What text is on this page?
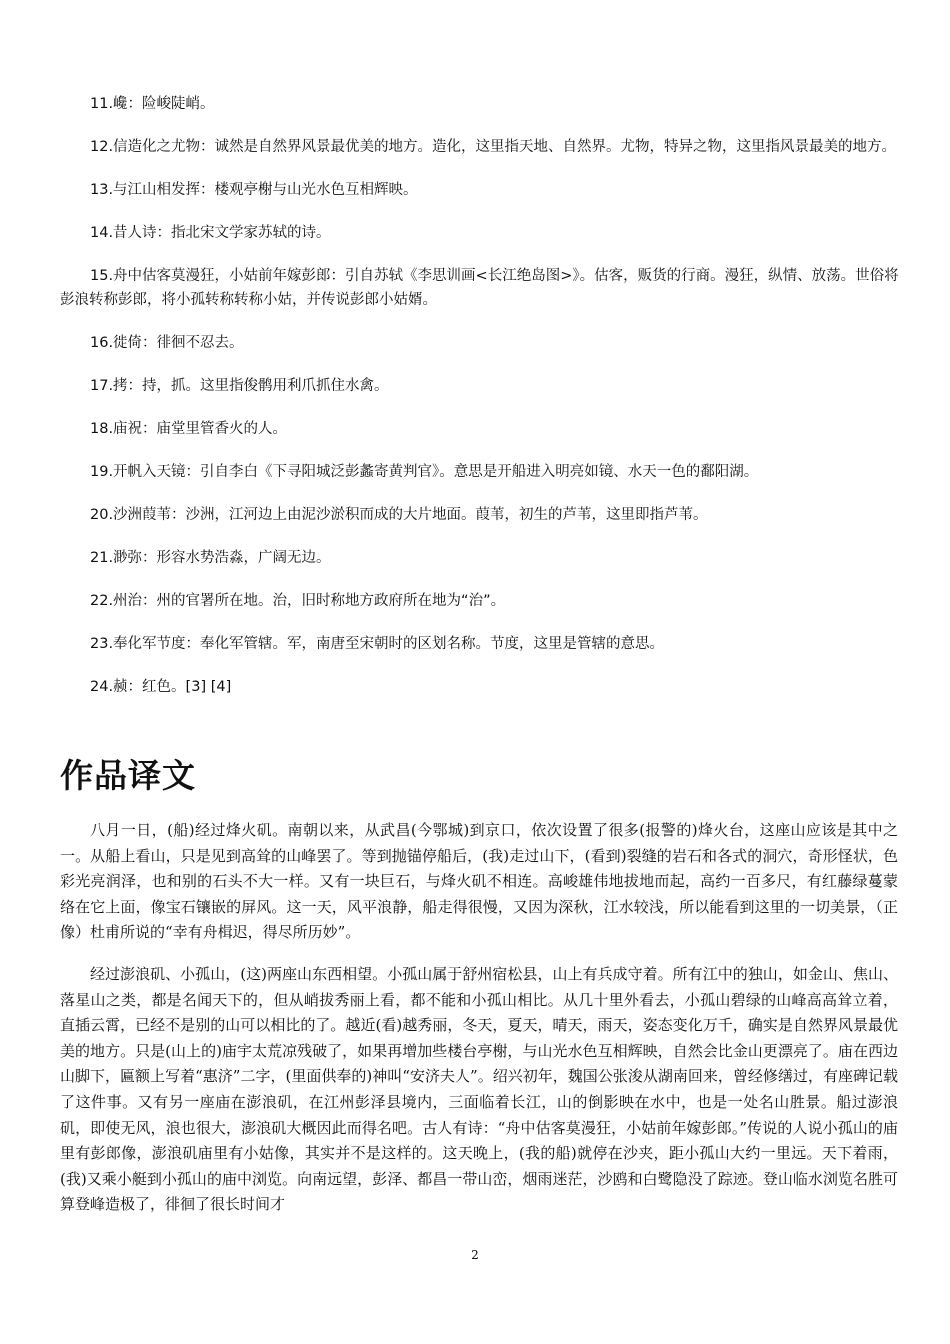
11.巉：险峻陡峭。

12.信造化之尤物：诚然是自然界风景最优美的地方。造化，这里指天地、自然界。尤物，特异之物，这里指风景最美的地方。

13.与江山相发挥：楼观亭榭与山光水色互相辉映。

14.昔人诗：指北宋文学家苏轼的诗。

15.舟中估客莫漫狂，小姑前年嫁彭郎：引自苏轼《李思训画<长江绝岛图>》。估客，贩货的行商。漫狂，纵情、放荡。世俗将彭浪转称彭郎，将小孤转称转称小姑，并传说彭郎小姑婿。

16.徙倚：徘徊不忍去。

17.拷：持，抓。这里指俊鹘用利爪抓住水禽。

18.庙祝：庙堂里管香火的人。

19.开帆入天镜：引自李白《下寻阳城泛彭蠡寄黄判官》。意思是开船进入明亮如镜、水天一色的鄱阳湖。

20.沙洲葭苇：沙洲，江河边上由泥沙淤积而成的大片地面。葭苇，初生的芦苇，这里即指芦苇。

21.渺弥：形容水势浩淼，广阔无边。

22.州治：州的官署所在地。治，旧时称地方政府所在地为“治”。

23.奉化军节度：奉化军管辖。军，南唐至宋朝时的区划名称。节度，这里是管辖的意思。

24.赪：红色。[3] [4]

作品译文

八月一日，(船)经过烽火矶。南朝以来，从武昌(今鄂城)到京口，依次设置了很多(报警的)烽火台，这座山应该是其中之一。从船上看山，只是见到高耸的山峰罢了。等到抛锚停船后，(我)走过山下，(看到)裂缝的岩石和各式的洞穴，奇形怪状，色彩光亮润泽，也和别的石头不大一样。又有一块巨石，与烽火矶不相连。高峻雄伟地拔地而起，高约一百多尺，有红藤绿蔓蒙络在它上面，像宝石镶嵌的屏风。这一天，风平浪静，船走得很慢，又因为深秋，江水较浅，所以能看到这里的一切美景，（正像）杜甫所说的“幸有舟楫迟，得尽所历妙”。

经过澎浪矶、小孤山，(这)两座山东西相望。小孤山属于舒州宿松县，山上有兵成守着。所有江中的独山，如金山、焦山、落星山之类，都是名闻天下的，但从峭拔秀丽上看，都不能和小孤山相比。从几十里外看去，小孤山碧绿的山峰高高耸立着，直插云霄，已经不是别的山可以相比的了。越近(看)越秀丽，冬天，夏天，晴天，雨天，姿态变化万千，确实是自然界风景最优美的地方。只是(山上的)庙宇太荒凉残破了，如果再增加些楼台亭榭，与山光水色互相辉映，自然会比金山更漂亮了。庙在西边山脚下，匾额上写着“惠济”二字，(里面供奉的)神叫“安济夫人”。绍兴初年，魏国公张浚从湖南回来，曾经修缮过，有座碑记载了这件事。又有另一座庙在澎浪矶，在江州彭泽县境内，三面临着长江，山的倒影映在水中，也是一处名山胜景。船过澎浪矶，即使无风，浪也很大，澎浪矶大概因此而得名吧。古人有诗：“舟中估客莫漫狂，小姑前年嫁彭郎。”传说的人说小孤山的庙里有彭郎像，澎浪矶庙里有小姑像，其实并不是这样的。这天晚上，(我的船)就停在沙夹，距小孤山大约一里远。天下着雨，(我)又乘小艇到小孤山的庙中浏览。向南远望，彭泽、都昌一带山峦，烟雨迷茫，沙鸥和白鹭隐没了踪迹。登山临水浏览名胜可算登峰造极了，徘徊了很长时间才

2
